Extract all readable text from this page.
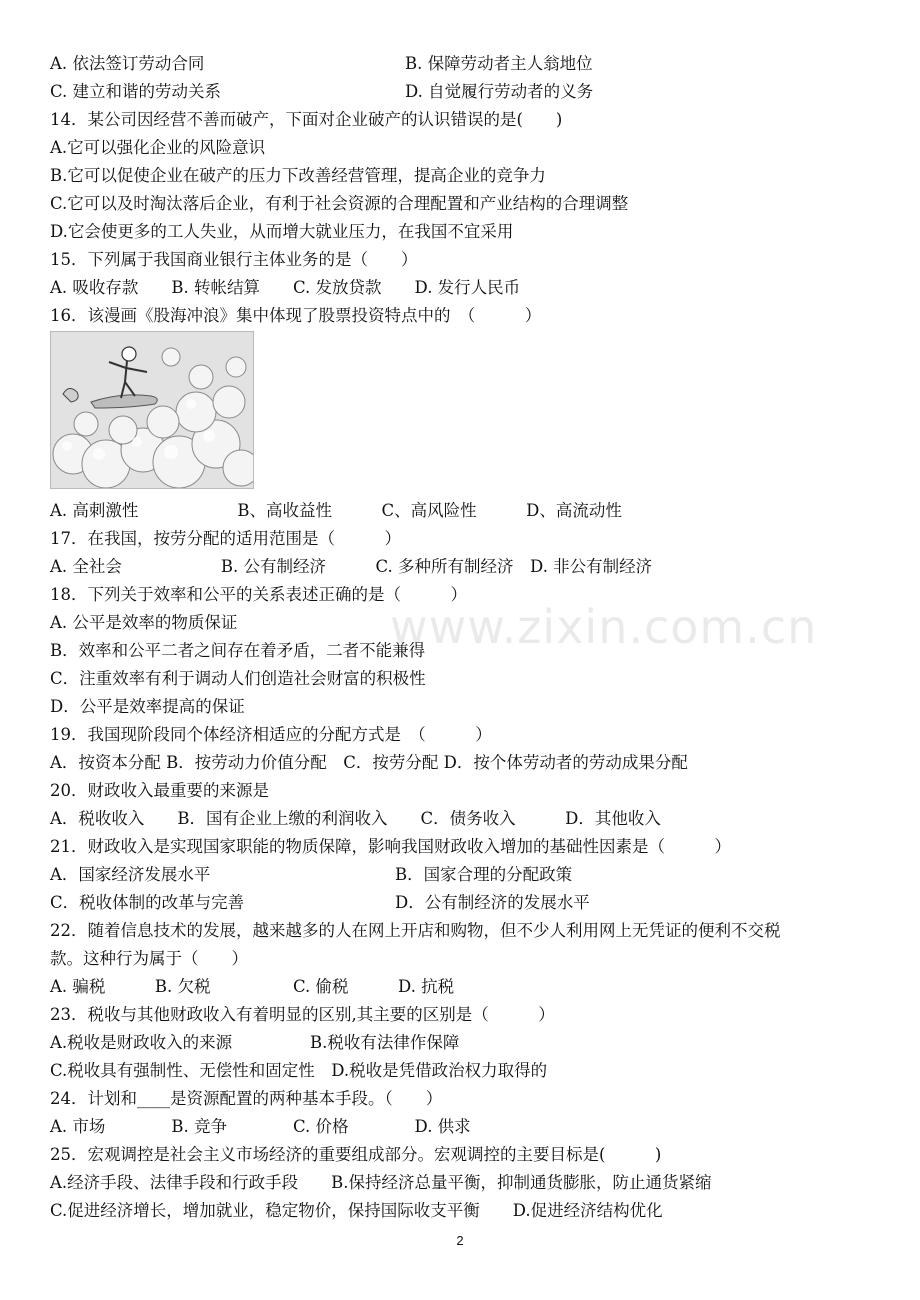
www.zixin.com.cn
A. 依法签订劳动合同	B. 保障劳动者主人翁地位
C. 建立和谐的劳动关系	D. 自觉履行劳动者的义务
14．某公司因经营不善而破产，下面对企业破产的认识错误的是(　　)
A.它可以强化企业的风险意识
B.它可以促使企业在破产的压力下改善经营管理，提高企业的竞争力
C.它可以及时淘汰落后企业，有利于社会资源的合理配置和产业结构的合理调整
D.它会使更多的工人失业，从而增大就业压力，在我国不宜采用
15．下列属于我国商业银行主体业务的是（　　）
A. 吸收存款　　B. 转帐结算　　C. 发放贷款　　D. 发行人民币
16．该漫画《股海冲浪》集中体现了股票投资特点中的　（　　　）
A. 高刺激性　　　　　　B、高收益性　　　C、高风险性　　　D、高流动性
17．在我国，按劳分配的适用范围是（　　　）
A. 全社会　　　　　　B. 公有制经济　　　C. 多种所有制经济　D. 非公有制经济
18．下列关于效率和公平的关系表述正确的是（　　　）
A. 公平是效率的物质保证
B．效率和公平二者之间存在着矛盾，二者不能兼得
C．注重效率有利于调动人们创造社会财富的积极性
D．公平是效率提高的保证
19．我国现阶段同个体经济相适应的分配方式是　（　　　）
A．按资本分配 B．按劳动力价值分配　C．按劳分配 D．按个体劳动者的劳动成果分配
20．财政收入最重要的来源是
A．税收收入　　B．国有企业上缴的利润收入　　C．债务收入　　　D．其他收入
21．财政收入是实现国家职能的物质保障，影响我国财政收入增加的基础性因素是（　　　）
A．国家经济发展水平	B．国家合理的分配政策
C．税收体制的改革与完善	D．公有制经济的发展水平
22．随着信息技术的发展，越来越多的人在网上开店和购物，但不少人利用网上无凭证的便利不交税
款。这种行为属于（　　）
A. 骗税　　　B. 欠税　　　　　C. 偷税　　　D. 抗税
23．税收与其他财政收入有着明显的区别,其主要的区别是（　　　）
A.税收是财政收入的来源	B.税收有法律作保障
C.税收具有强制性、无偿性和固定性　D.税收是凭借政治权力取得的
24．计划和____是资源配置的两种基本手段。（　　）
A. 市场　　　　B. 竞争　　　　C. 价格　　　　D. 供求
25．宏观调控是社会主义市场经济的重要组成部分。宏观调控的主要目标是(　　　)
A.经济手段、法律手段和行政手段　　B.保持经济总量平衡，抑制通货膨胀，防止通货紧缩
C.促进经济增长，增加就业，稳定物价，保持国际收支平衡　　D.促进经济结构优化
2
